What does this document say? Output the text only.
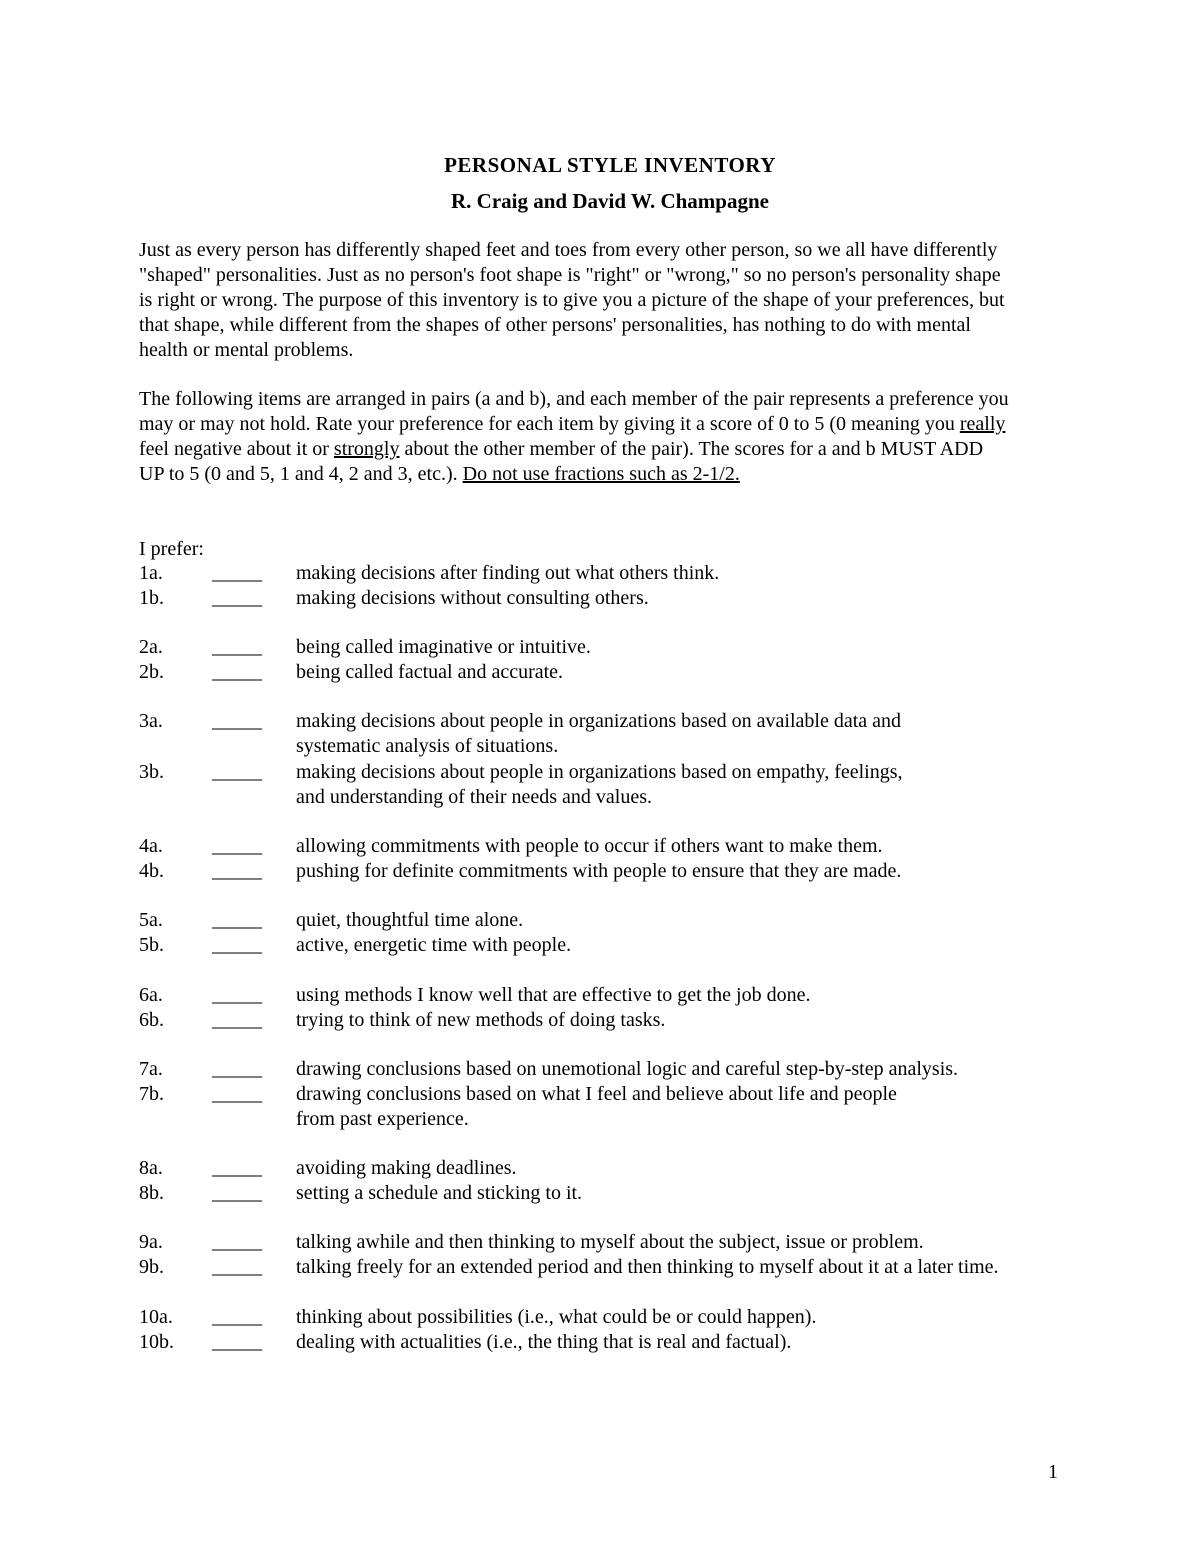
PERSONAL STYLE INVENTORY
R. Craig and David W. Champagne

Just as every person has differently shaped feet and toes from every other person, so we all have differently
"shaped" personalities. Just as no person's foot shape is "right" or "wrong," so no person's personality shape
is right or wrong. The purpose of this inventory is to give you a picture of the shape of your preferences, but
that shape, while different from the shapes of other persons' personalities, has nothing to do with mental
health or mental problems.

The following items are arranged in pairs (a and b), and each member of the pair represents a preference you
may or may not hold. Rate your preference for each item by giving it a score of 0 to 5 (0 meaning you really
feel negative about it or strongly about the other member of the pair). The scores for a and b MUST ADD
UP to 5 (0 and 5, 1 and 4, 2 and 3, etc.). Do not use fractions such as 2-1/2.

I prefer:
1a. _____ making decisions after finding out what others think.
1b. _____ making decisions without consulting others.
2a. _____ being called imaginative or intuitive.
2b. _____ being called factual and accurate.
3a. _____ making decisions about people in organizations based on available data and
systematic analysis of situations.
3b. _____ making decisions about people in organizations based on empathy, feelings,
and understanding of their needs and values.
4a. _____ allowing commitments with people to occur if others want to make them.
4b. _____ pushing for definite commitments with people to ensure that they are made.
5a. _____ quiet, thoughtful time alone.
5b. _____ active, energetic time with people.
6a. _____ using methods I know well that are effective to get the job done.
6b. _____ trying to think of new methods of doing tasks.
7a. _____ drawing conclusions based on unemotional logic and careful step-by-step analysis.
7b. _____ drawing conclusions based on what I feel and believe about life and people
from past experience.
8a. _____ avoiding making deadlines.
8b. _____ setting a schedule and sticking to it.
9a. _____ talking awhile and then thinking to myself about the subject, issue or problem.
9b. _____ talking freely for an extended period and then thinking to myself about it at a later time.
10a. _____ thinking about possibilities (i.e., what could be or could happen).
10b. _____ dealing with actualities (i.e., the thing that is real and factual).
1
